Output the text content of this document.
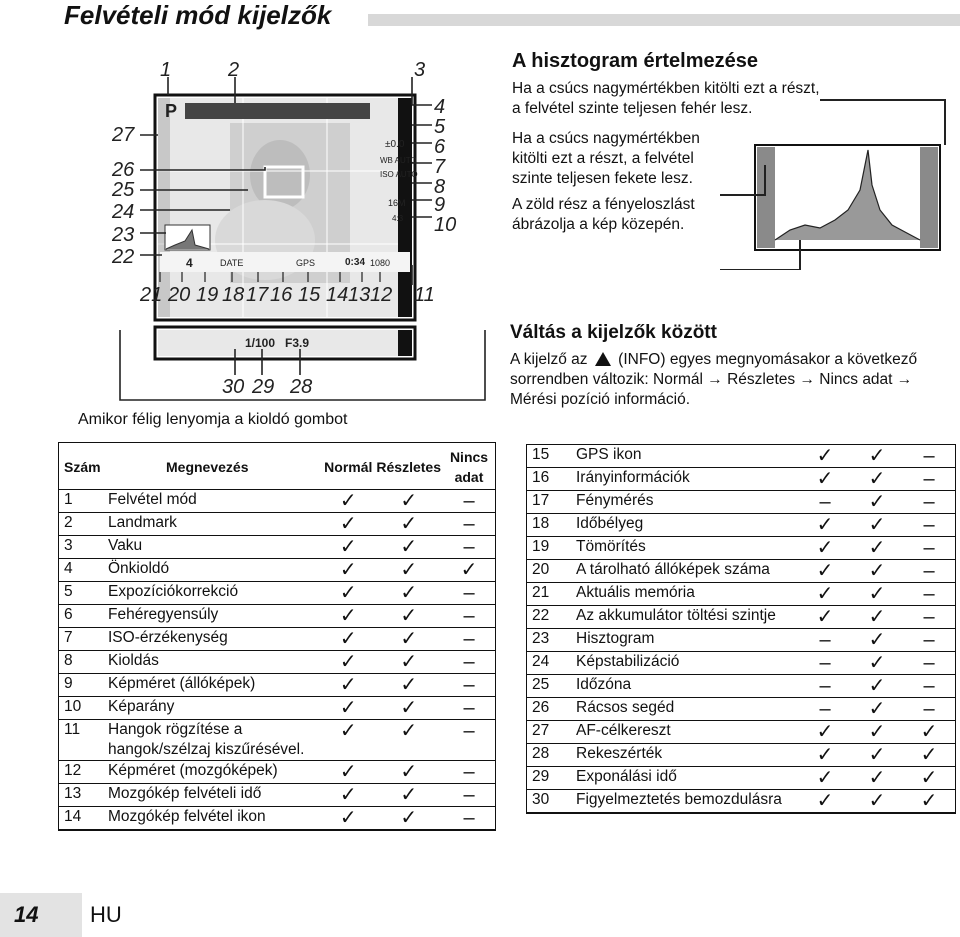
Felvételi mód kijelzők
P
±0.0
WB AUTO
ISO AUTO
16M
4:3
4	DATE	GPS	0:34 1080
1/100 F3.9
1	2	3
4
5
6
7
8
9
10
27
26
25
24
23
22
21 20 19 18 17 16 15 14 13 12 11
30 29 28
Amikor félig lenyomja a kioldó gombot
A hisztogram értelmezése

Ha a csúcs nagymértékben kitölti ezt a részt, a felvétel szinte teljesen fehér lesz.

Ha a csúcs nagymértékben kitölti ezt a részt, a felvétel szinte teljesen fekete lesz.

A zöld rész a fényeloszlást ábrázolja a kép közepén.

Váltás a kijelzők között

A kijelző az (INFO) egyes megnyomásakor a következő sorrendben változik: Normál → Részletes → Nincs adat → Mérési pozíció információ.

Szám	Megnevezés	Normál	Részletes	Nincs adat
1	Felvétel mód	✓	✓	–
2	Landmark	✓	✓	–
3	Vaku	✓	✓	–
4	Önkioldó	✓	✓	✓
5	Expozíciókorrekció	✓	✓	–
6	Fehéregyensúly	✓	✓	–
7	ISO-érzékenység	✓	✓	–
8	Kioldás	✓	✓	–
9	Képméret (állóképek)	✓	✓	–
10	Képarány	✓	✓	–
11	Hangok rögzítése a hangok/szélzaj kiszűrésével.	✓	✓	–
12	Képméret (mozgóképek)	✓	✓	–
13	Mozgókép felvételi idő	✓	✓	–
14	Mozgókép felvétel ikon	✓	✓	–
15	GPS ikon	✓	✓	–
16	Irányinformációk	✓	✓	–
17	Fénymérés	–	✓	–
18	Időbélyeg	✓	✓	–
19	Tömörítés	✓	✓	–
20	A tárolható állóképek száma	✓	✓	–
21	Aktuális memória	✓	✓	–
22	Az akkumulátor töltési szintje	✓	✓	–
23	Hisztogram	–	✓	–
24	Képstabilizáció	–	✓	–
25	Időzóna	–	✓	–
26	Rácsos segéd	–	✓	–
27	AF-célkereszt	✓	✓	✓
28	Rekeszérték	✓	✓	✓
29	Exponálási idő	✓	✓	✓
30	Figyelmeztetés bemozdulásra	✓	✓	✓
14 HU
